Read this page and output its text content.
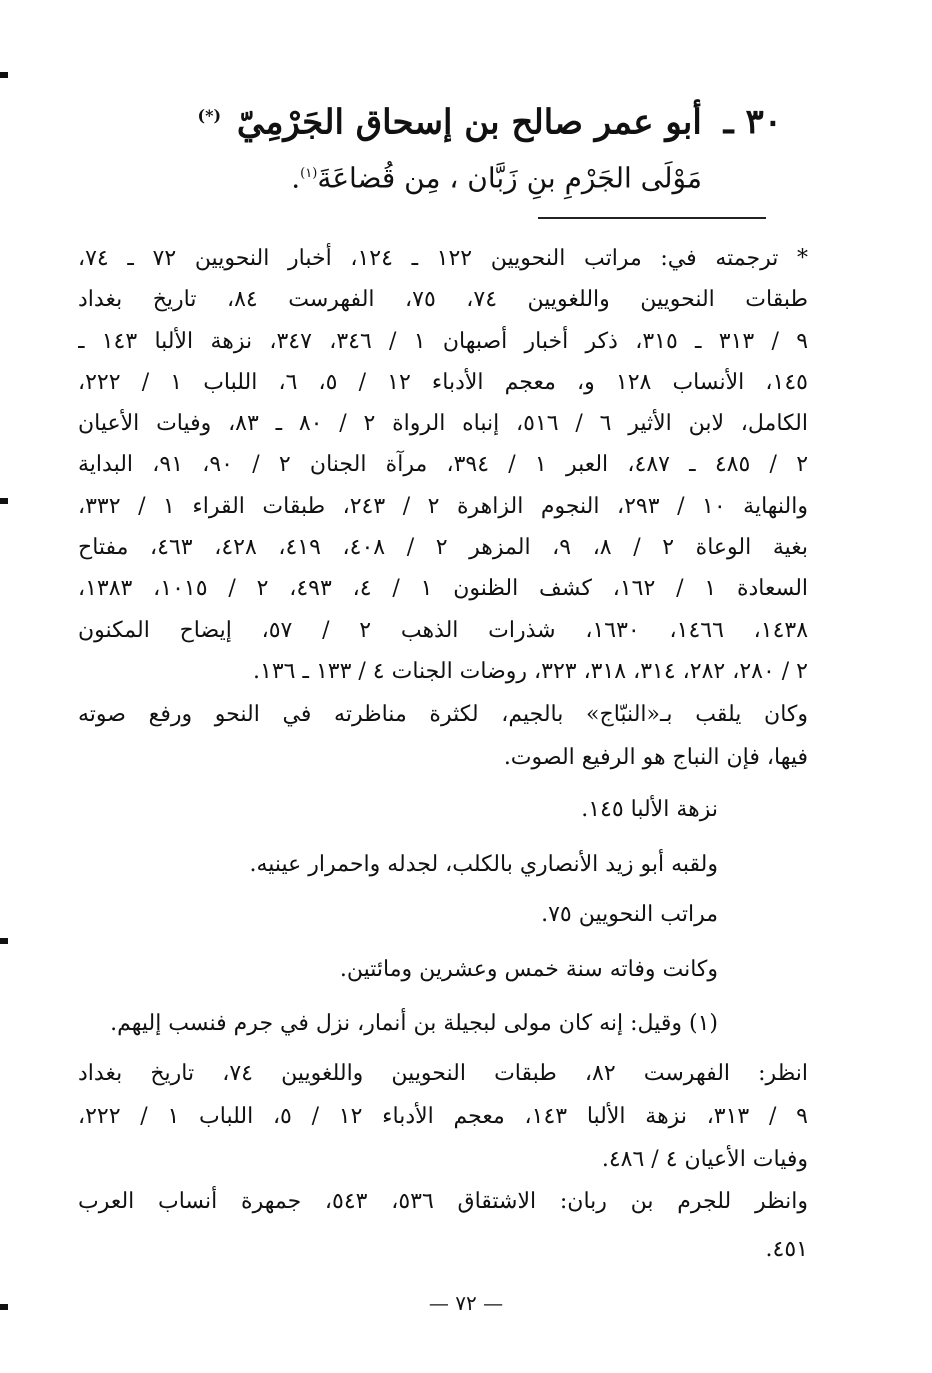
٣٠ ـ أبو عمر صالح بن إسحاق الجَرْمِيّ (*)
مَوْلَى الجَرْمِ بنِ زَبَّان ، مِن قُضاعَةَ$^{(١)}$.
* ترجمته في: مراتب النحويين ١٢٢ ـ ١٢٤، أخبار النحويين ٧٢ ـ ٧٤،
طبقات النحويين واللغويين ٧٤، ٧٥، الفهرست ٨٤، تاريخ بغداد
٩ / ٣١٣ ـ ٣١٥، ذكر أخبار أصبهان ١ / ٣٤٦، ٣٤٧، نزهة الألبا ١٤٣ ـ
١٤٥، الأنساب ١٢٨ و، معجم الأدباء ١٢ / ٥، ٦، اللباب ١ / ٢٢٢،
الكامل، لابن الأثير ٦ / ٥١٦، إنباه الرواة ٢ / ٨٠ ـ ٨٣، وفيات الأعيان
٢ / ٤٨٥ ـ ٤٨٧، العبر ١ / ٣٩٤، مرآة الجنان ٢ / ٩٠، ٩١، البداية
والنهاية ١٠ / ٢٩٣، النجوم الزاهرة ٢ / ٢٤٣، طبقات القراء ١ / ٣٣٢،
بغية الوعاة ٢ / ٨، ٩، المزهر ٢ / ٤٠٨، ٤١٩، ٤٢٨، ٤٦٣، مفتاح
السعادة ١ / ١٦٢، كشف الظنون ١ / ٤، ٤٩٣، ٢ / ١٠١٥، ١٣٨٣،
١٤٣٨، ١٤٦٦، ١٦٣٠، شذرات الذهب ٢ / ٥٧، إيضاح المكنون
٢ / ٢٨٠، ٢٨٢، ٣١٤، ٣١٨، ٣٢٣، روضات الجنات ٤ / ١٣٣ ـ ١٣٦.
وكان يلقب بـ«النبّاج» بالجيم، لكثرة مناظرته في النحو ورفع صوته
فيها، فإن النباج هو الرفيع الصوت.
نزهة الألبا ١٤٥.
ولقبه أبو زيد الأنصاري بالكلب، لجدله واحمرار عينيه.
مراتب النحويين ٧٥.
وكانت وفاته سنة خمس وعشرين ومائتين.
(١) وقيل: إنه كان مولى لبجيلة بن أنمار، نزل في جرم فنسب إليهم.
انظر: الفهرست ٨٢، طبقات النحويين واللغويين ٧٤، تاريخ بغداد
٩ / ٣١٣، نزهة الألبا ١٤٣، معجم الأدباء ١٢ / ٥، اللباب ١ / ٢٢٢،
وفيات الأعيان ٤ / ٤٨٦.
وانظر للجرم بن ربان: الاشتقاق ٥٣٦، ٥٤٣، جمهرة أنساب العرب
٤٥١.
— ٧٢ —
